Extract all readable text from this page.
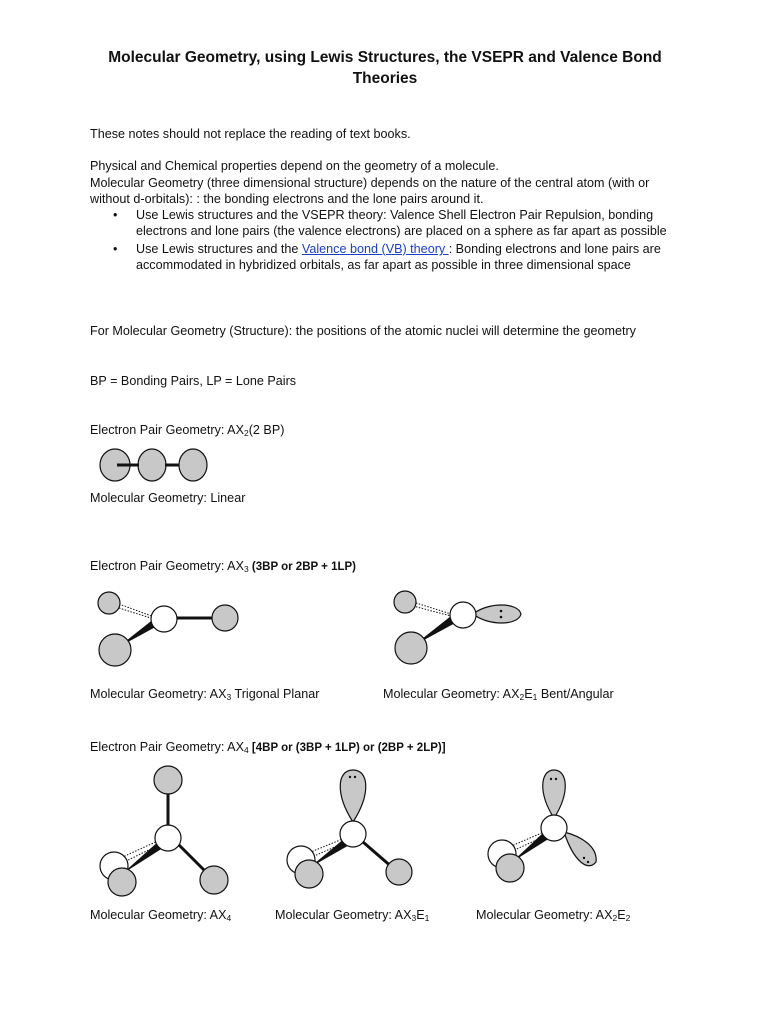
Molecular Geometry, using Lewis Structures, the VSEPR and Valence Bond Theories

These notes should not replace the reading of text books.

Physical and Chemical properties depend on the geometry of a molecule.

Molecular Geometry (three dimensional structure) depends on the nature of the central atom (with or without d-orbitals): : the bonding electrons and the lone pairs around it.

• Use Lewis structures and the VSEPR theory: Valence Shell Electron Pair Repulsion, bonding electrons and lone pairs (the valence electrons) are placed on a sphere as far apart as possible
• Use Lewis structures and the Valence bond (VB) theory : Bonding electrons and lone pairs are accommodated in hybridized orbitals, as far apart as possible in three dimensional space

For Molecular Geometry (Structure): the positions of the atomic nuclei will determine the geometry

BP = Bonding Pairs, LP = Lone Pairs

Electron Pair Geometry: $AX_2(2$ BP)

Molecular Geometry: Linear

Electron Pair Geometry: $AX_3$ (3BP or 2BP + 1LP)

Molecular Geometry: $AX_3$ Trigonal Planar	Molecular Geometry: $AX_2E_1$ Bent/Angular

Electron Pair Geometry: $AX_4$ [4BP or (3BP + 1LP) or (2BP + 2LP)]

Molecular Geometry: $AX_4$	Molecular Geometry: $AX_3E_1$	Molecular Geometry: $AX_2E_2$
